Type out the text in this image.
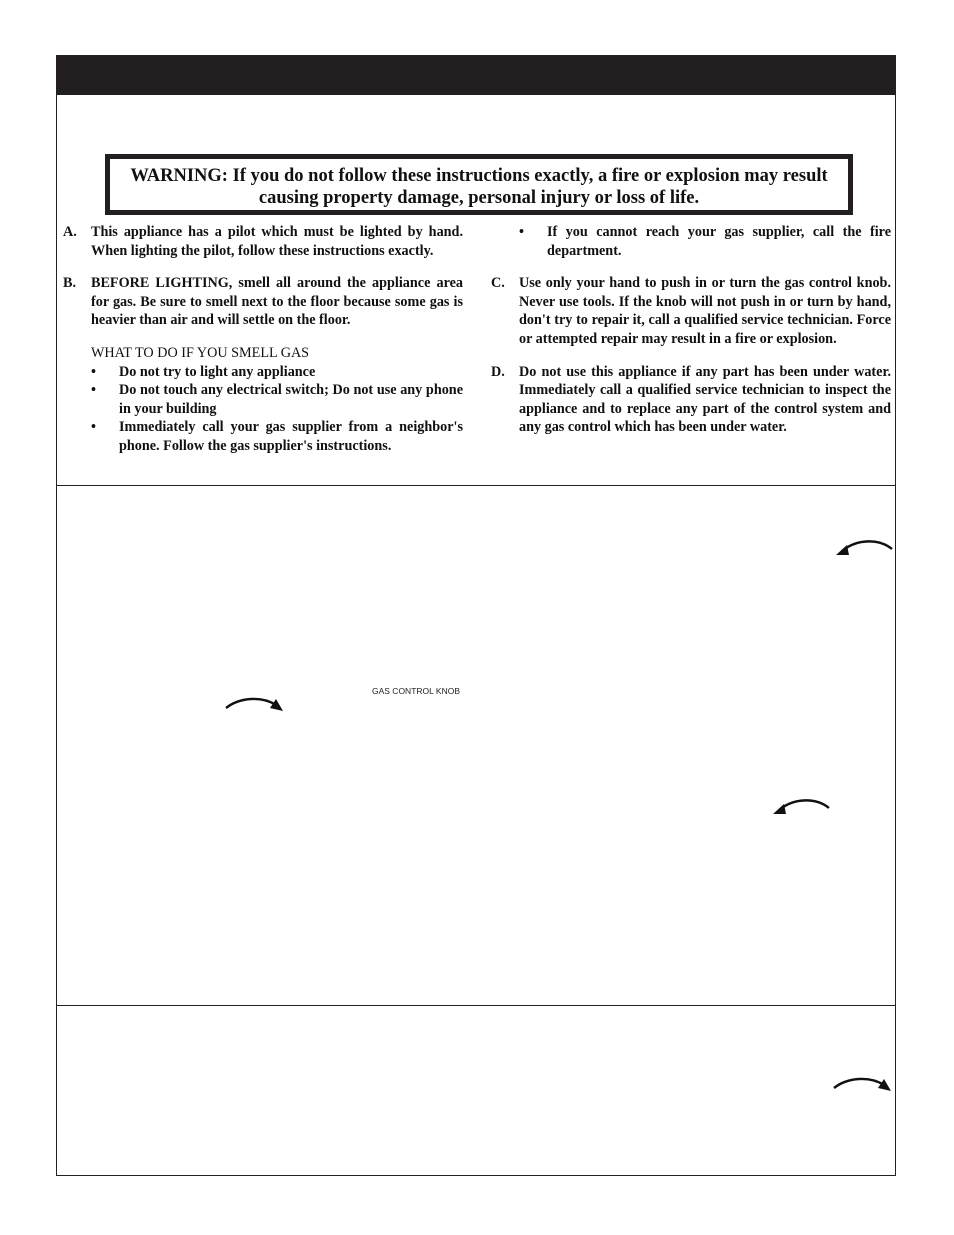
WARNING: If you do not follow these instructions exactly, a fire or explosion may result
causing property damage, personal injury or loss of life.
A. This appliance has a pilot which must be lighted by hand. When lighting the pilot, follow these instructions exactly.
B. BEFORE LIGHTING, smell all around the appliance area for gas. Be sure to smell next to the floor because some gas is heavier than air and will settle on the floor.
WHAT TO DO IF YOU SMELL GAS
• Do not try to light any appliance
• Do not touch any electrical switch; Do not use any phone in your building
• Immediately call your gas supplier from a neighbor's phone. Follow the gas supplier's instructions.
• If you cannot reach your gas supplier, call the fire department.
C. Use only your hand to push in or turn the gas control knob. Never use tools. If the knob will not push in or turn by hand, don't try to repair it, call a qualified service technician. Force or attempted repair may result in a fire or explosion.
D. Do not use this appliance if any part has been under water. Immediately call a qualified service technician to inspect the appliance and to replace any part of the control system and any gas control which has been under water.
GAS CONTROL KNOB
